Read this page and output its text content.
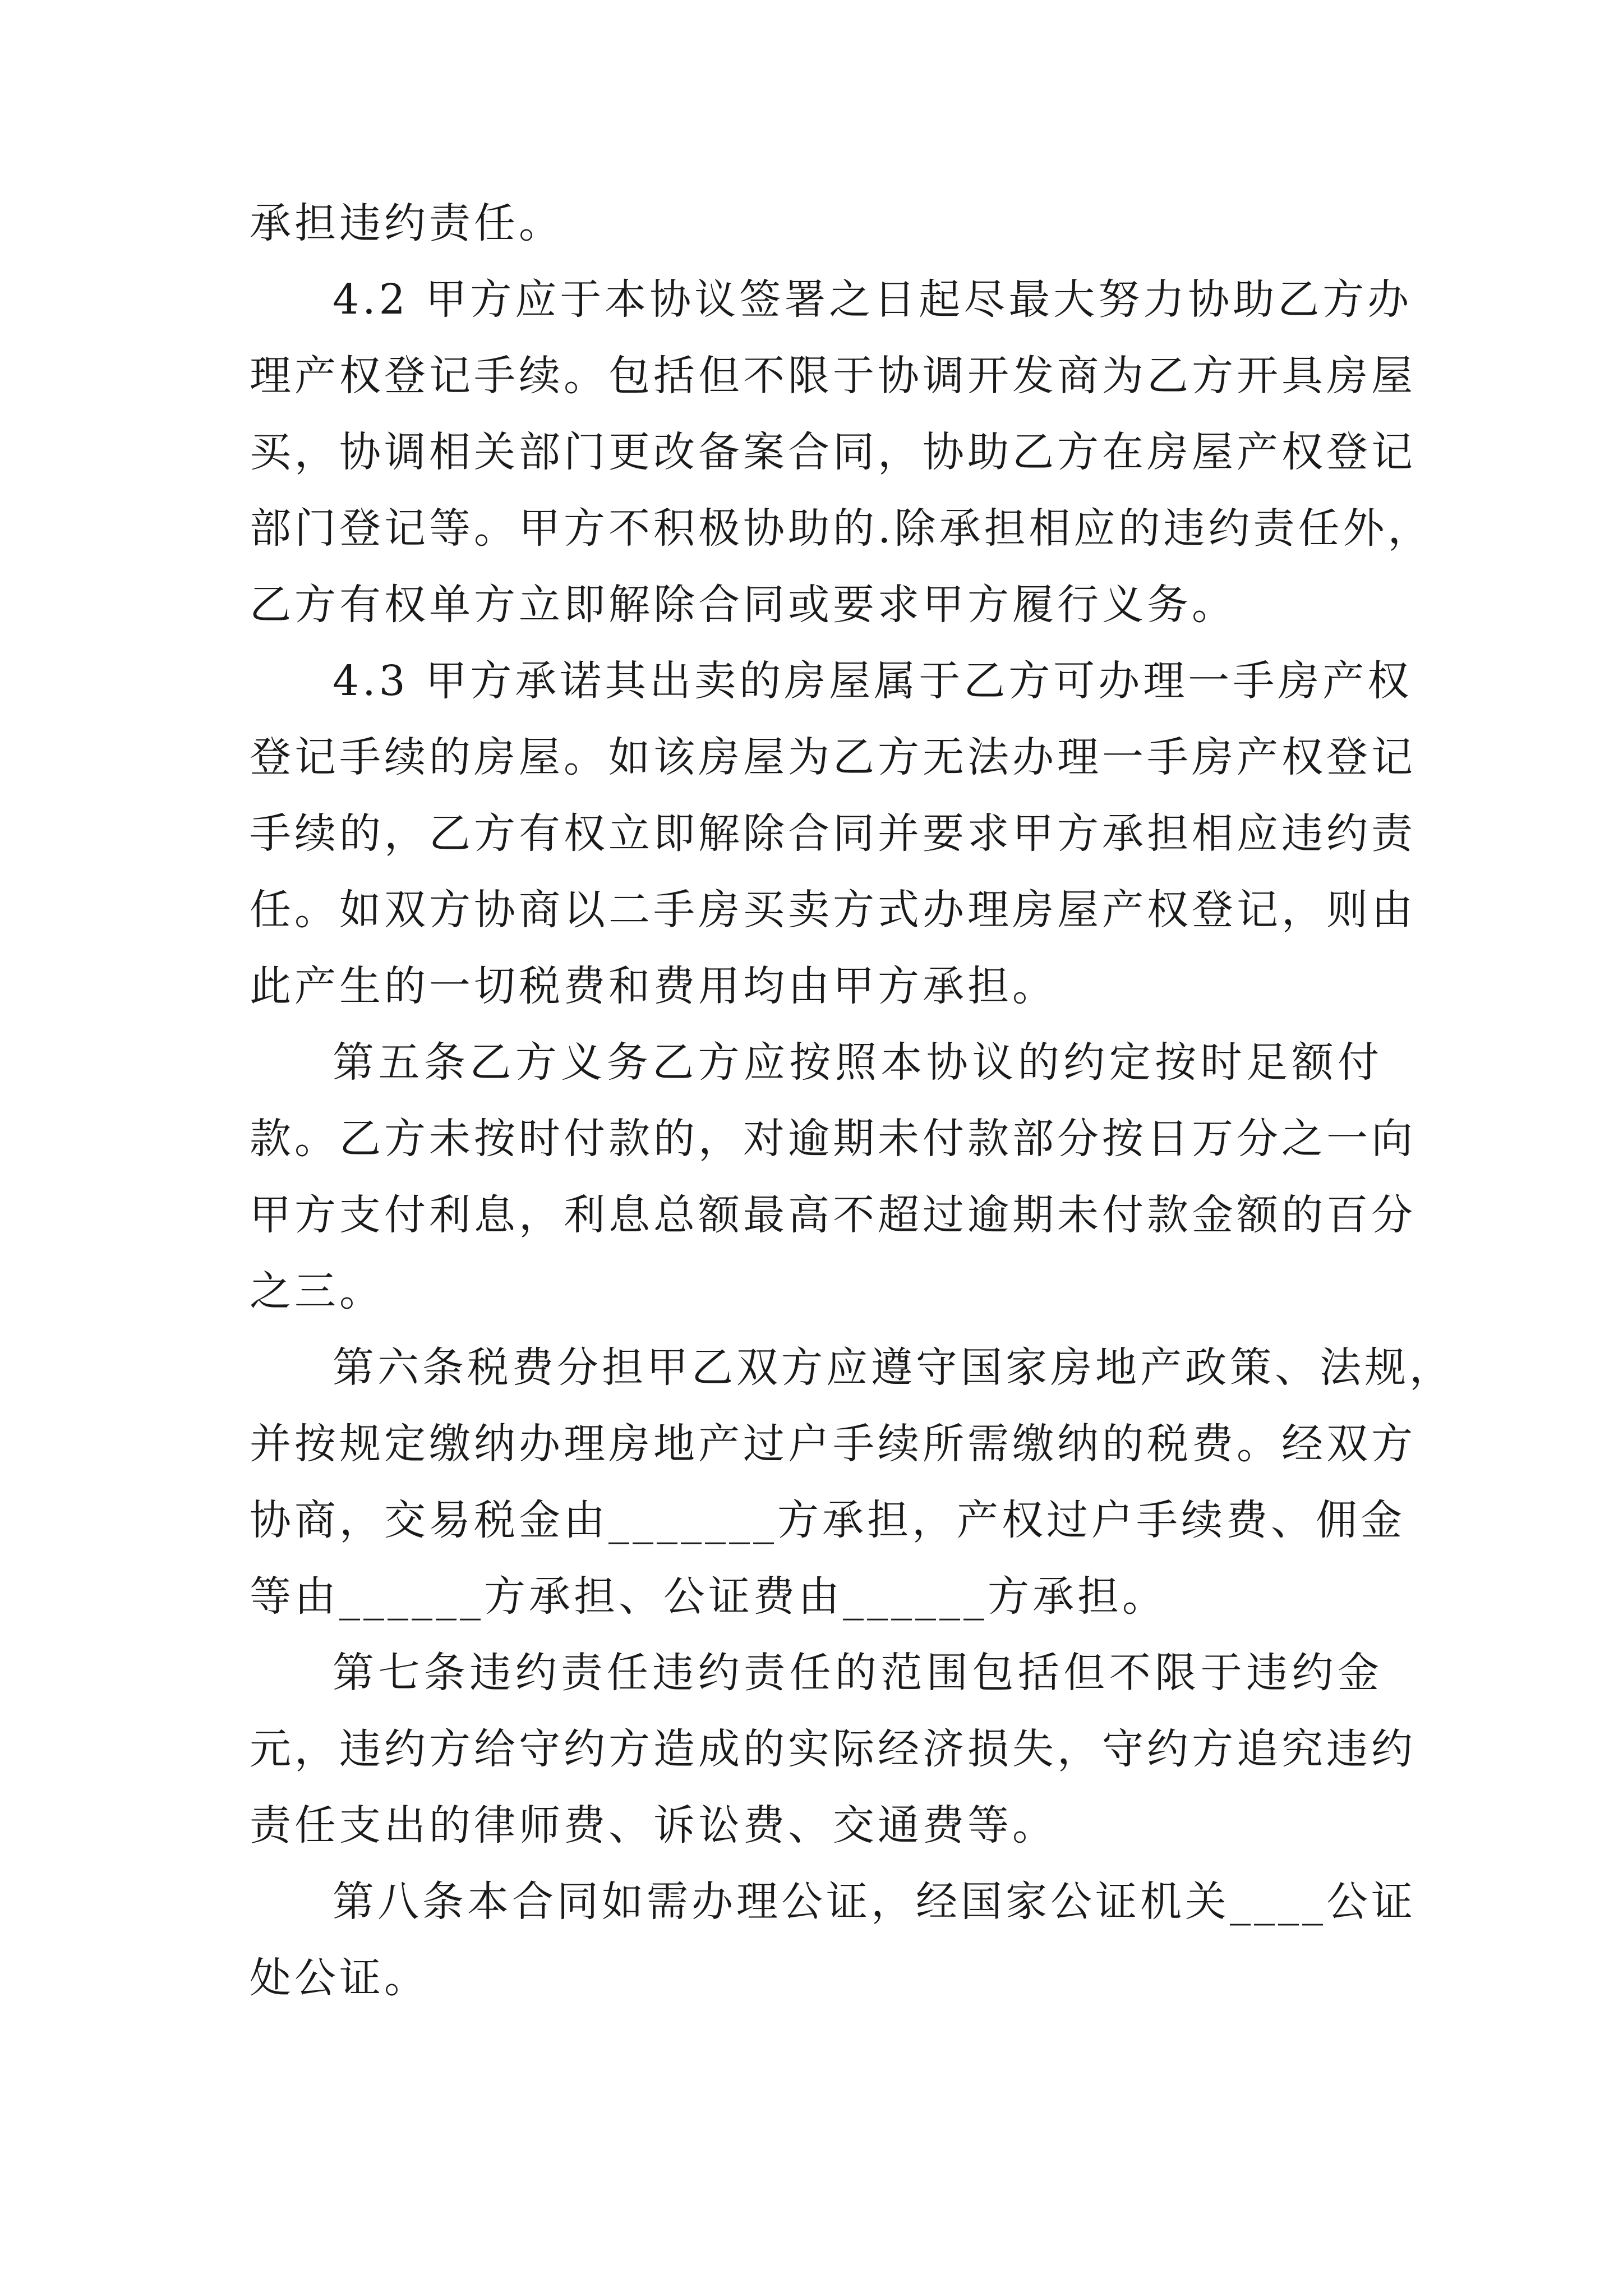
承担违约责任。

4.2 甲方应于本协议签署之日起尽最大努力协助乙方办
理产权登记手续。包括但不限于协调开发商为乙方开具房屋
买，协调相关部门更改备案合同，协助乙方在房屋产权登记
部门登记等。甲方不积极协助的.除承担相应的违约责任外，
乙方有权单方立即解除合同或要求甲方履行义务。

4.3 甲方承诺其出卖的房屋属于乙方可办理一手房产权
登记手续的房屋。如该房屋为乙方无法办理一手房产权登记
手续的，乙方有权立即解除合同并要求甲方承担相应违约责
任。如双方协商以二手房买卖方式办理房屋产权登记，则由
此产生的一切税费和费用均由甲方承担。

第五条乙方义务乙方应按照本协议的约定按时足额付
款。乙方未按时付款的，对逾期未付款部分按日万分之一向
甲方支付利息，利息总额最高不超过逾期未付款金额的百分
之三。

第六条税费分担甲乙双方应遵守国家房地产政策、法规，
并按规定缴纳办理房地产过户手续所需缴纳的税费。经双方
协商，交易税金由_______方承担，产权过户手续费、佣金
等由______方承担、公证费由______方承担。

第七条违约责任违约责任的范围包括但不限于违约金
元，违约方给守约方造成的实际经济损失，守约方追究违约
责任支出的律师费、诉讼费、交通费等。

第八条本合同如需办理公证，经国家公证机关____公证
处公证。
